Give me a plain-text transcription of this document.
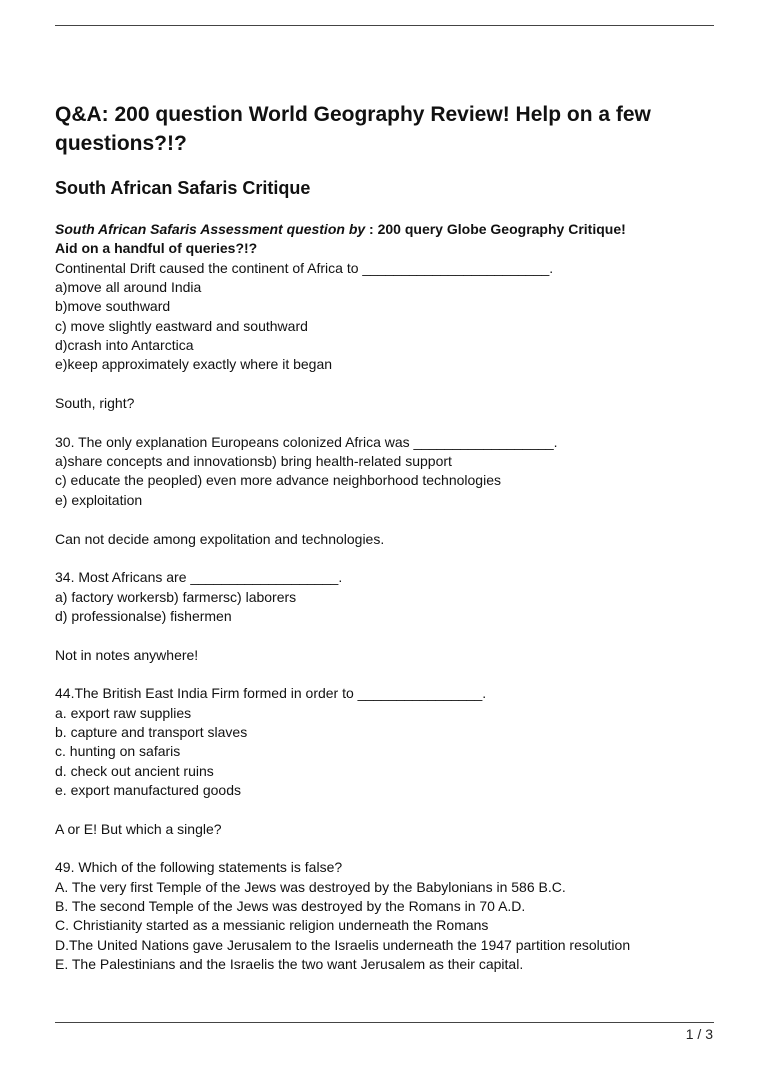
Q&A: 200 question World Geography Review! Help on a few questions?!?
South African Safaris Critique
South African Safaris Assessment question by : 200 query Globe Geography Critique!
Aid on a handful of queries?!?
Continental Drift caused the continent of Africa to ________________________.
a)move all around India
b)move southward
c) move slightly eastward and southward
d)crash into Antarctica
e)keep approximately exactly where it began
South, right?
30. The only explanation Europeans colonized Africa was __________________.
a)share concepts and innovationsb) bring health-related support
c) educate the peopled) even more advance neighborhood technologies
e) exploitation
Can not decide among expolitation and technologies.
34. Most Africans are ___________________.
a) factory workersb) farmersc) laborers
d) professionalse) fishermen
Not in notes anywhere!
44.The British East India Firm formed in order to ________________.
a. export raw supplies
b. capture and transport slaves
c. hunting on safaris
d. check out ancient ruins
e. export manufactured goods
A or E! But which a single?
49. Which of the following statements is false?
A. The very first Temple of the Jews was destroyed by the Babylonians in 586 B.C.
B. The second Temple of the Jews was destroyed by the Romans in 70 A.D.
C. Christianity started as a messianic religion underneath the Romans
D.The United Nations gave Jerusalem to the Israelis underneath the 1947 partition resolution
E. The Palestinians and the Israelis the two want Jerusalem as their capital.
1 / 3
